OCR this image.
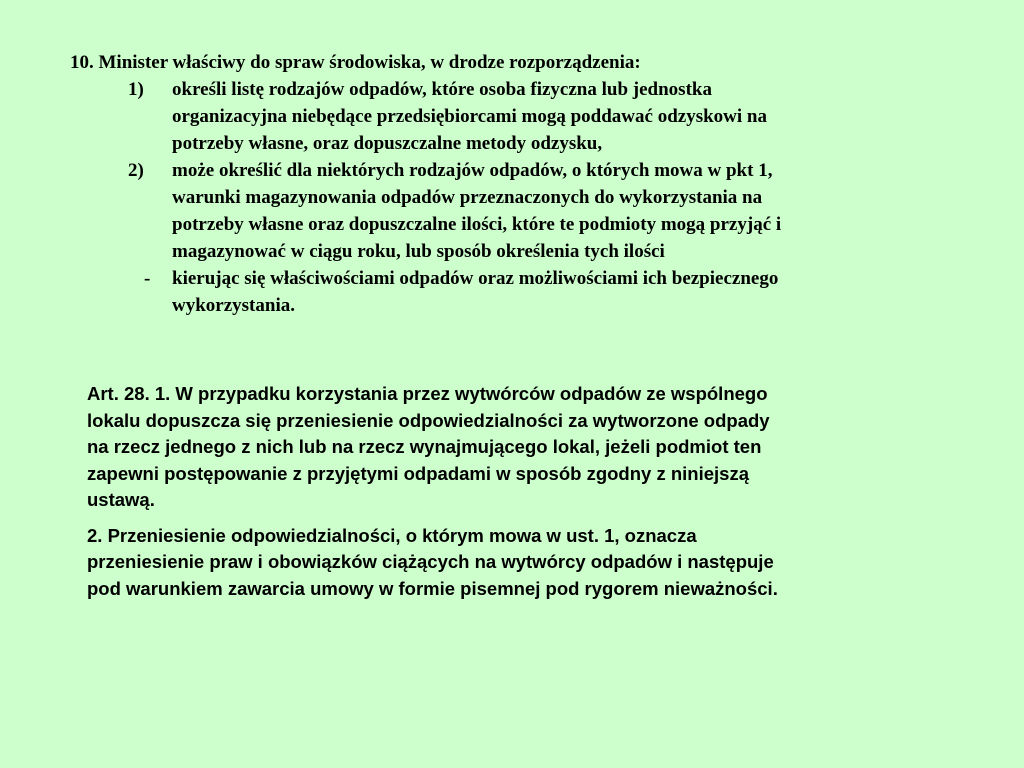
10. Minister właściwy do spraw środowiska, w drodze rozporządzenia:
1) określi listę rodzajów odpadów, które osoba fizyczna lub jednostka
organizacyjna niebędące przedsiębiorcami mogą poddawać odzyskowi na
potrzeby własne, oraz dopuszczalne metody odzysku,
2) może określić dla niektórych rodzajów odpadów, o których mowa w pkt 1,
warunki magazynowania odpadów przeznaczonych do wykorzystania na
potrzeby własne oraz dopuszczalne ilości, które te podmioty mogą przyjąć i
magazynować w ciągu roku, lub sposób określenia tych ilości
- kierując się właściwościami odpadów oraz możliwościami ich bezpiecznego
wykorzystania.

Art. 28. 1. W przypadku korzystania przez wytwórców odpadów ze wspólnego
lokalu dopuszcza się przeniesienie odpowiedzialności za wytworzone odpady
na rzecz jednego z nich lub na rzecz wynajmującego lokal, jeżeli podmiot ten
zapewni postępowanie z przyjętymi odpadami w sposób zgodny z niniejszą
ustawą.

2. Przeniesienie odpowiedzialności, o którym mowa w ust. 1, oznacza
przeniesienie praw i obowiązków ciążących na wytwórcy odpadów i następuje
pod warunkiem zawarcia umowy w formie pisemnej pod rygorem nieważności.
